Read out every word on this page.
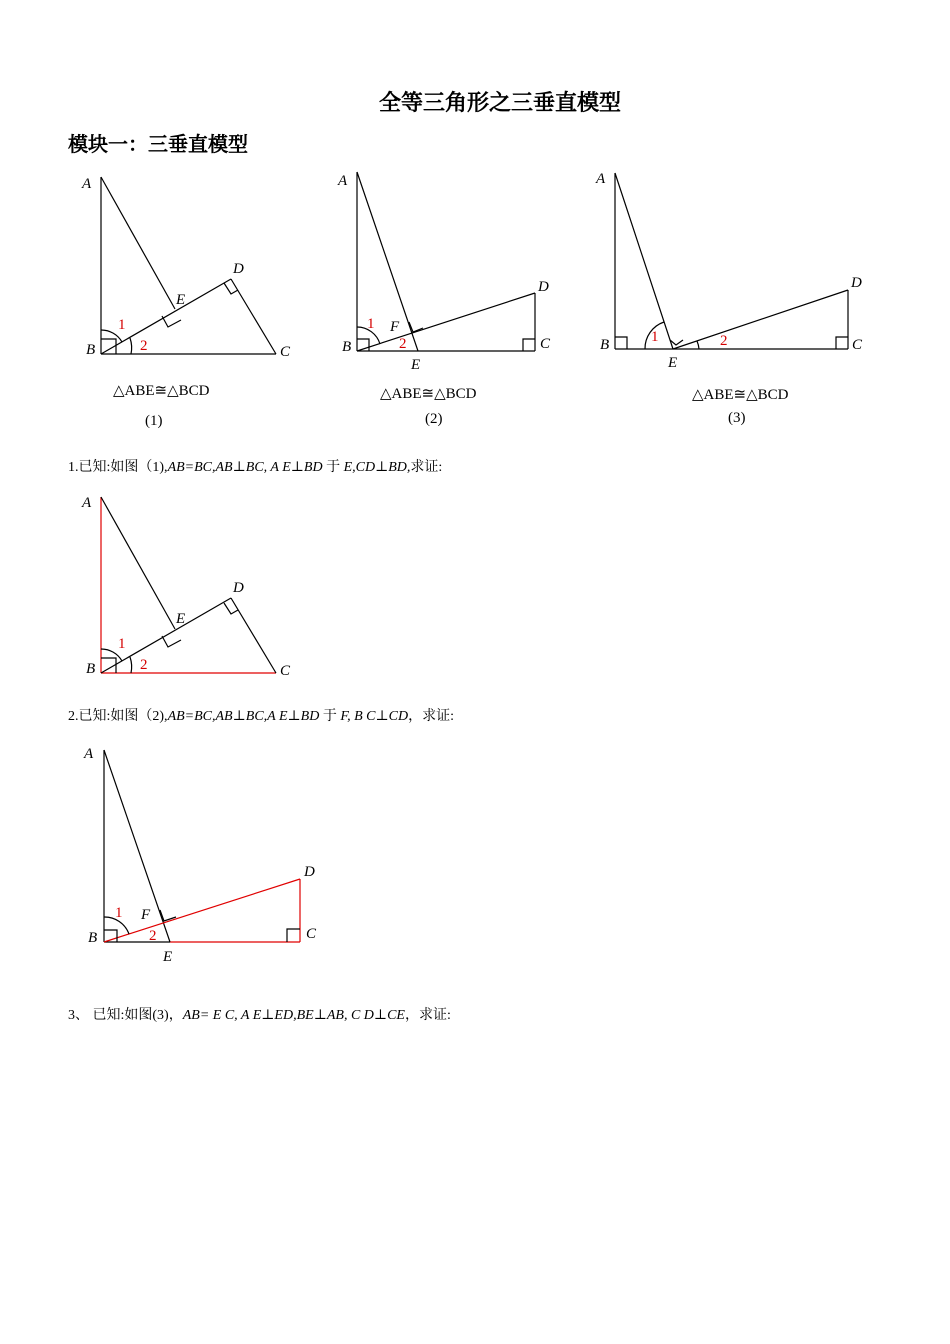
全等三角形之三垂直模型
模块一：三垂直模型
△ABE≅△BCD
(1)
△ABE≅△BCD
(2)
△ABE≅△BCD
(3)
1.已知:如图（1),AB=BC,AB⊥BC, A E⊥BD 于 E,CD⊥BD,求证:
2.已知:如图（2),AB=BC,AB⊥BC,A E⊥BD 于 F, B C⊥CD，求证:
3、 已知:如图(3)，AB= E C, A E⊥ED,BE⊥AB, C D⊥CE，求证:
A
B	C
D
E
1
2
A
B	C
D
E
F
1
2
A
B	C
D
E
1	2
A
B	C
D
E
1
2
A
B	C
D
E
F
1
2
